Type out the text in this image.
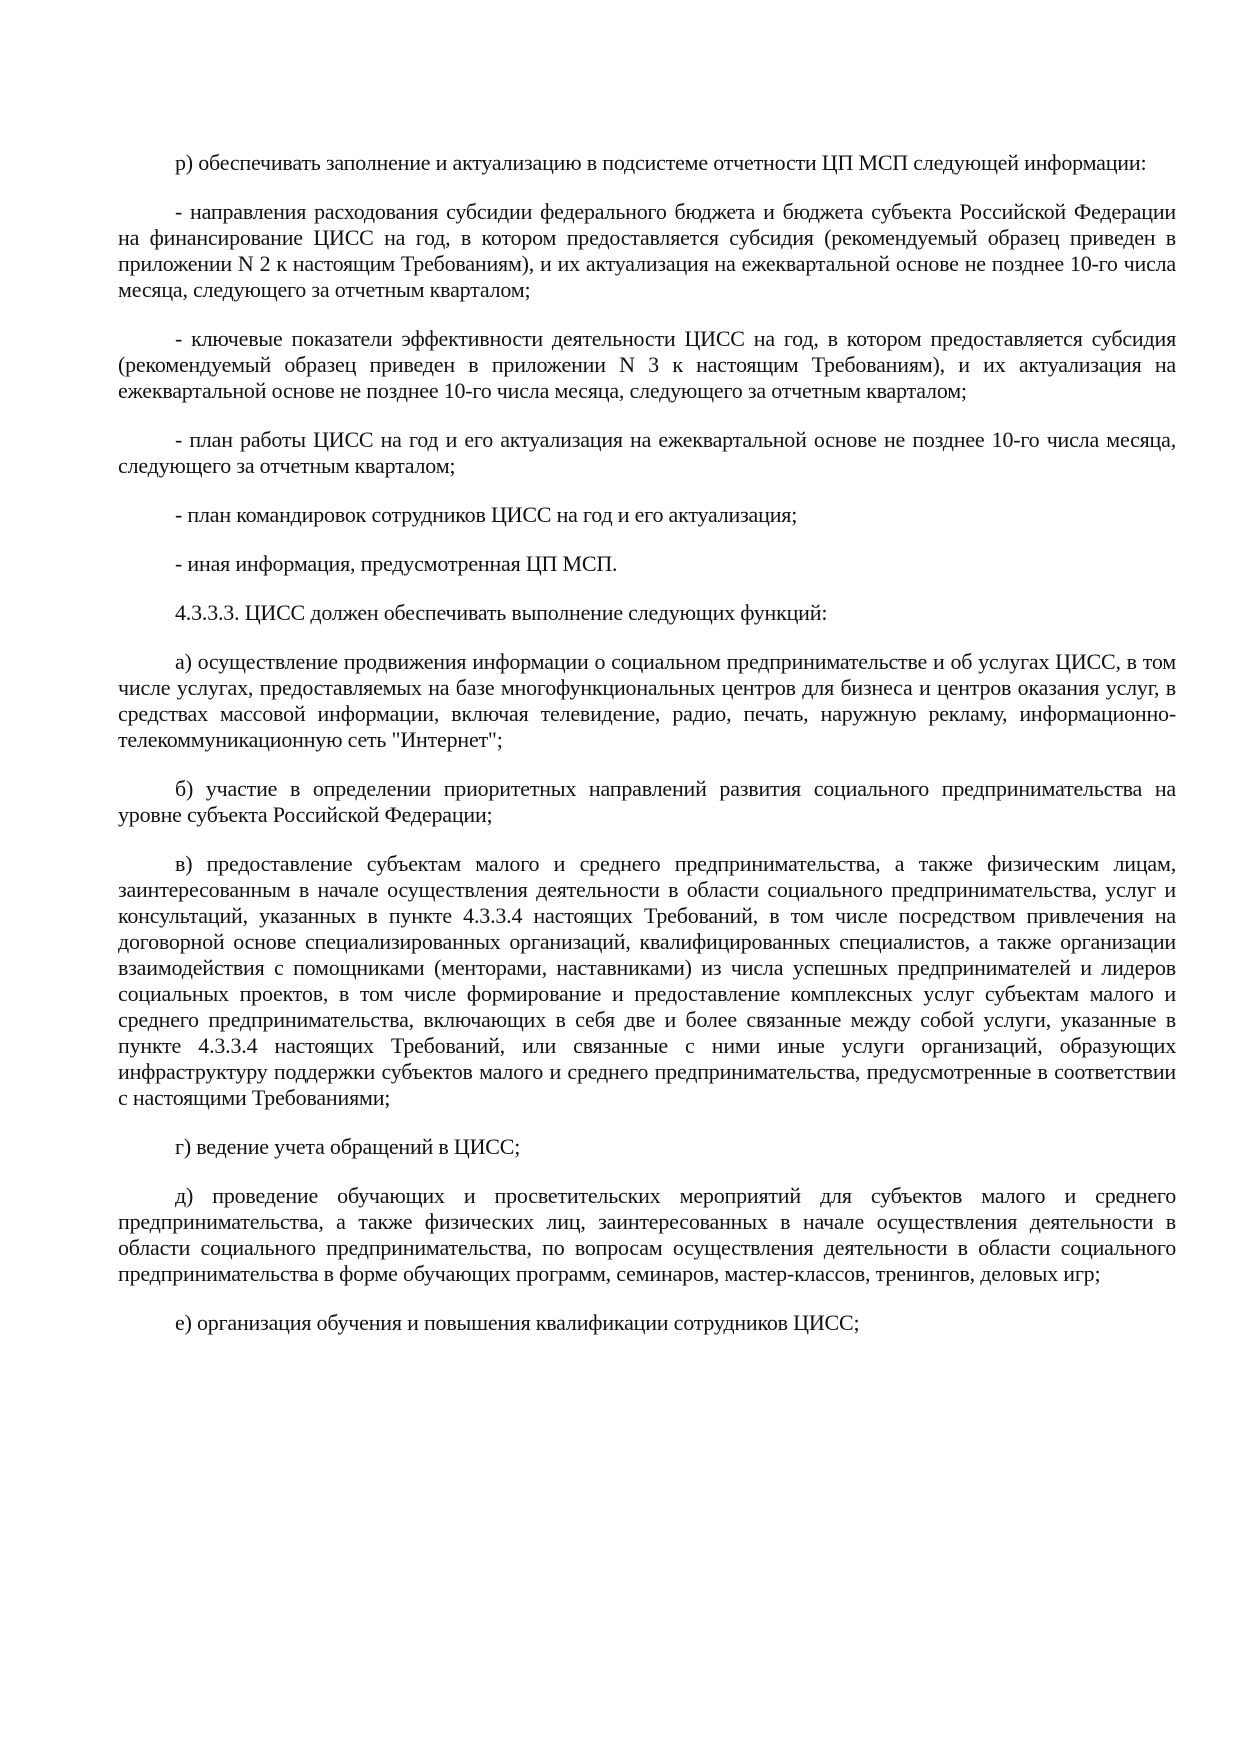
р) обеспечивать заполнение и актуализацию в подсистеме отчетности ЦП МСП следующей информации:

- направления расходования субсидии федерального бюджета и бюджета субъекта Российской Федерации на финансирование ЦИСС на год, в котором предоставляется субсидия (рекомендуемый образец приведен в приложении N 2 к настоящим Требованиям), и их актуализация на ежеквартальной основе не позднее 10-го числа месяца, следующего за отчетным кварталом;

- ключевые показатели эффективности деятельности ЦИСС на год, в котором предоставляется субсидия (рекомендуемый образец приведен в приложении N 3 к настоящим Требованиям), и их актуализация на ежеквартальной основе не позднее 10-го числа месяца, следующего за отчетным кварталом;

- план работы ЦИСС на год и его актуализация на ежеквартальной основе не позднее 10-го числа месяца, следующего за отчетным кварталом;

- план командировок сотрудников ЦИСС на год и его актуализация;

- иная информация, предусмотренная ЦП МСП.

4.3.3.3. ЦИСС должен обеспечивать выполнение следующих функций:

а) осуществление продвижения информации о социальном предпринимательстве и об услугах ЦИСС, в том числе услугах, предоставляемых на базе многофункциональных центров для бизнеса и центров оказания услуг, в средствах массовой информации, включая телевидение, радио, печать, наружную рекламу, информационно-телекоммуникационную сеть "Интернет";

б) участие в определении приоритетных направлений развития социального предпринимательства на уровне субъекта Российской Федерации;

в) предоставление субъектам малого и среднего предпринимательства, а также физическим лицам, заинтересованным в начале осуществления деятельности в области социального предпринимательства, услуг и консультаций, указанных в пункте 4.3.3.4 настоящих Требований, в том числе посредством привлечения на договорной основе специализированных организаций, квалифицированных специалистов, а также организации взаимодействия с помощниками (менторами, наставниками) из числа успешных предпринимателей и лидеров социальных проектов, в том числе формирование и предоставление комплексных услуг субъектам малого и среднего предпринимательства, включающих в себя две и более связанные между собой услуги, указанные в пункте 4.3.3.4 настоящих Требований, или связанные с ними иные услуги организаций, образующих инфраструктуру поддержки субъектов малого и среднего предпринимательства, предусмотренные в соответствии с настоящими Требованиями;

г) ведение учета обращений в ЦИСС;

д) проведение обучающих и просветительских мероприятий для субъектов малого и среднего предпринимательства, а также физических лиц, заинтересованных в начале осуществления деятельности в области социального предпринимательства, по вопросам осуществления деятельности в области социального предпринимательства в форме обучающих программ, семинаров, мастер-классов, тренингов, деловых игр;

е) организация обучения и повышения квалификации сотрудников ЦИСС;
